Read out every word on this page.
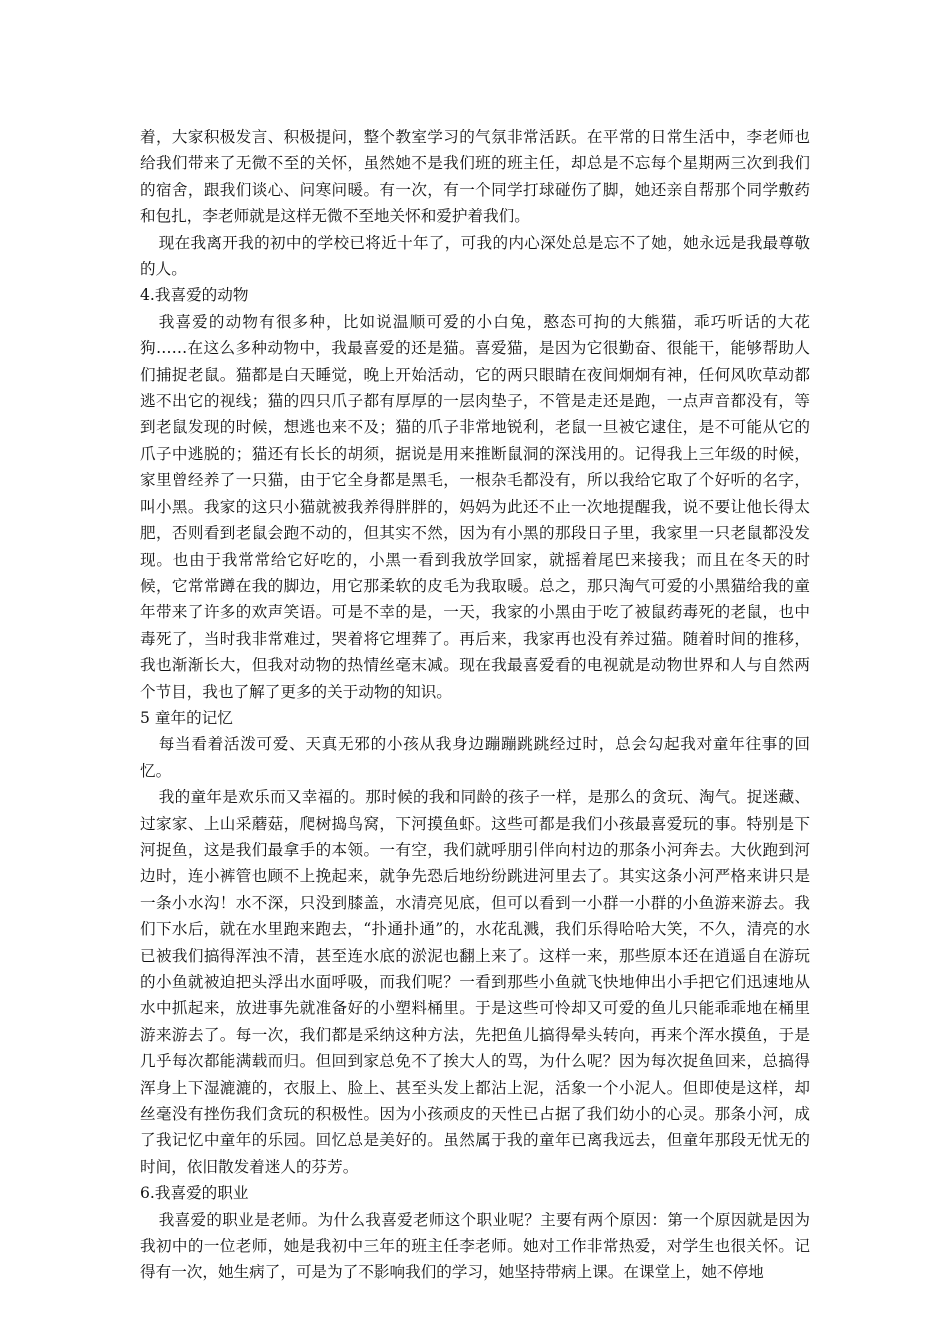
着，大家积极发言、积极提问，整个教室学习的气氛非常活跃。在平常的日常生活中，李老师也给我们带来了无微不至的关怀，虽然她不是我们班的班主任，却总是不忘每个星期两三次到我们的宿舍，跟我们谈心、问寒问暖。有一次，有一个同学打球碰伤了脚，她还亲自帮那个同学敷药和包扎，李老师就是这样无微不至地关怀和爱护着我们。

现在我离开我的初中的学校已将近十年了，可我的内心深处总是忘不了她，她永远是我最尊敬的人。

4.我喜爱的动物

我喜爱的动物有很多种，比如说温顺可爱的小白兔，憨态可拘的大熊猫，乖巧听话的大花狗……在这么多种动物中，我最喜爱的还是猫。喜爱猫，是因为它很勤奋、很能干，能够帮助人们捕捉老鼠。猫都是白天睡觉，晚上开始活动，它的两只眼睛在夜间炯炯有神，任何风吹草动都逃不出它的视线；猫的四只爪子都有厚厚的一层肉垫子，不管是走还是跑，一点声音都没有，等到老鼠发现的时候，想逃也来不及；猫的爪子非常地锐利，老鼠一旦被它逮住，是不可能从它的爪子中逃脱的；猫还有长长的胡须，据说是用来推断鼠洞的深浅用的。记得我上三年级的时候，家里曾经养了一只猫，由于它全身都是黑毛，一根杂毛都没有，所以我给它取了个好听的名字，叫小黑。我家的这只小猫就被我养得胖胖的，妈妈为此还不止一次地提醒我，说不要让他长得太肥，否则看到老鼠会跑不动的，但其实不然，因为有小黑的那段日子里，我家里一只老鼠都没发现。也由于我常常给它好吃的，小黑一看到我放学回家，就摇着尾巴来接我；而且在冬天的时候，它常常蹲在我的脚边，用它那柔软的皮毛为我取暖。总之，那只淘气可爱的小黑猫给我的童年带来了许多的欢声笑语。可是不幸的是，一天，我家的小黑由于吃了被鼠药毒死的老鼠，也中毒死了，当时我非常难过，哭着将它埋葬了。再后来，我家再也没有养过猫。随着时间的推移，我也渐渐长大，但我对动物的热情丝毫末减。现在我最喜爱看的电视就是动物世界和人与自然两个节目，我也了解了更多的关于动物的知识。

5 童年的记忆

每当看着活泼可爱、天真无邪的小孩从我身边蹦蹦跳跳经过时，总会勾起我对童年往事的回忆。

我的童年是欢乐而又幸福的。那时候的我和同龄的孩子一样，是那么的贪玩、淘气。捉迷藏、过家家、上山采蘑菇，爬树捣鸟窝，下河摸鱼虾。这些可都是我们小孩最喜爱玩的事。特别是下河捉鱼，这是我们最拿手的本领。一有空，我们就呼朋引伴向村边的那条小河奔去。大伙跑到河边时，连小裤管也顾不上挽起来，就争先恐后地纷纷跳进河里去了。其实这条小河严格来讲只是一条小水沟！水不深，只没到膝盖，水清亮见底，但可以看到一小群一小群的小鱼游来游去。我们下水后，就在水里跑来跑去，“扑通扑通”的，水花乱溅，我们乐得哈哈大笑，不久，清亮的水已被我们搞得浑浊不清，甚至连水底的淤泥也翻上来了。这样一来，那些原本还在逍遥自在游玩的小鱼就被迫把头浮出水面呼吸，而我们呢？一看到那些小鱼就飞快地伸出小手把它们迅速地从水中抓起来，放进事先就准备好的小塑料桶里。于是这些可怜却又可爱的鱼儿只能乖乖地在桶里游来游去了。每一次，我们都是采纳这种方法，先把鱼儿搞得晕头转向，再来个浑水摸鱼，于是几乎每次都能满载而归。但回到家总免不了挨大人的骂，为什么呢？因为每次捉鱼回来，总搞得浑身上下湿漉漉的，衣服上、脸上、甚至头发上都沾上泥，活象一个小泥人。但即使是这样，却丝毫没有挫伤我们贪玩的积极性。因为小孩顽皮的天性已占据了我们幼小的心灵。那条小河，成了我记忆中童年的乐园。回忆总是美好的。虽然属于我的童年已离我远去，但童年那段无忧无的时间，依旧散发着迷人的芬芳。

6.我喜爱的职业

我喜爱的职业是老师。为什么我喜爱老师这个职业呢？主要有两个原因：第一个原因就是因为我初中的一位老师，她是我初中三年的班主任李老师。她对工作非常热爱，对学生也很关怀。记得有一次，她生病了，可是为了不影响我们的学习，她坚持带病上课。在课堂上，她不停地
